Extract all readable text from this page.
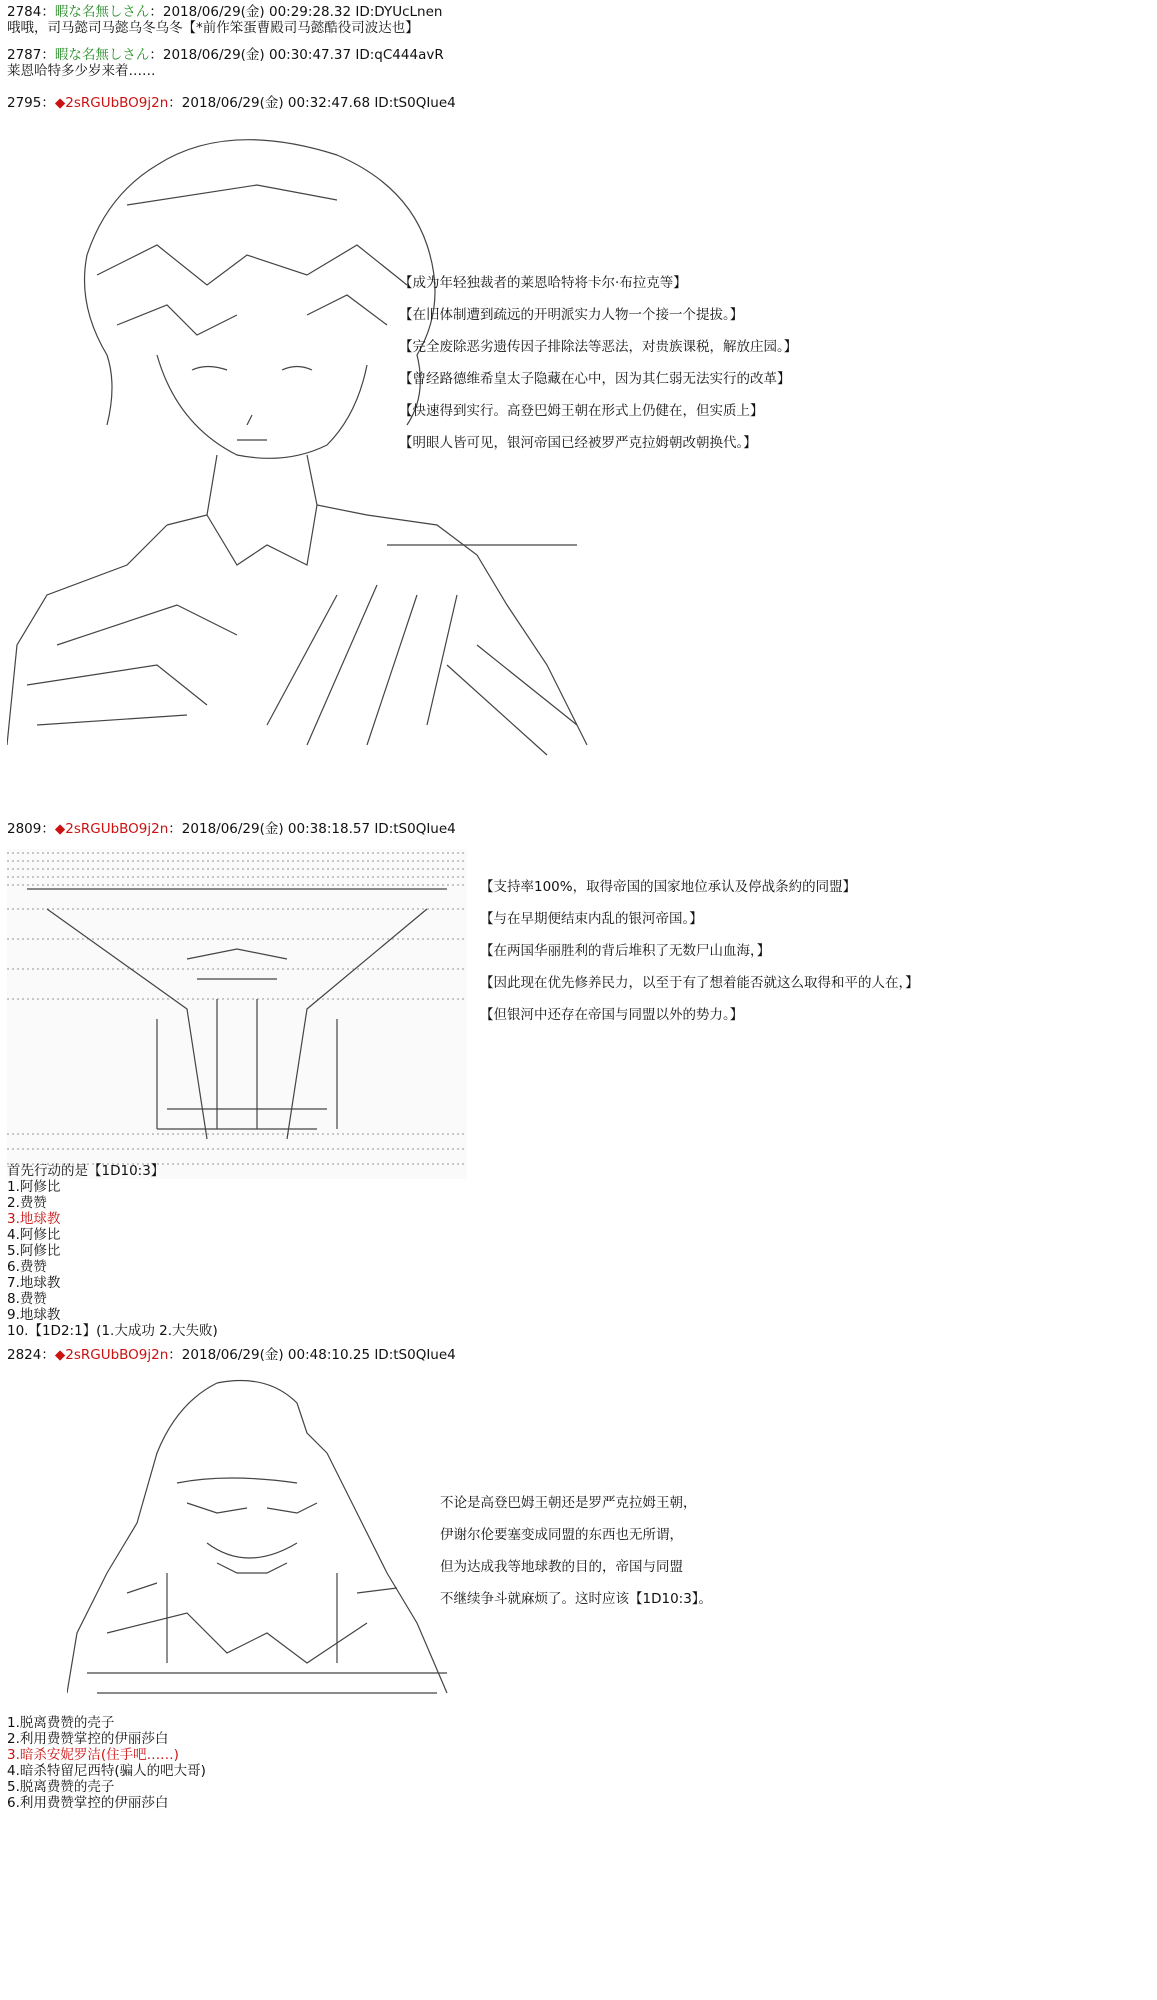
2784：暇な名無しさん：2018/06/29(金) 00:29:28.32 ID:DYUcLnen
哦哦，司马懿司马懿乌冬乌冬【*前作笨蛋曹殿司马懿酷役司波达也】
2787：暇な名無しさん：2018/06/29(金) 00:30:47.37 ID:qC444avR
莱恩哈特多少岁来着……
2795：◆2sRGUbBO9j2n：2018/06/29(金) 00:32:47.68 ID:tS0QIue4
【成为年轻独裁者的莱恩哈特将卡尔·布拉克等】
【在旧体制遭到疏远的开明派实力人物一个接一个提拔。】
【完全废除恶劣遗传因子排除法等恶法，对贵族课税，解放庄园。】
【曾经路德维希皇太子隐藏在心中，因为其仁弱无法实行的改革】
【快速得到实行。高登巴姆王朝在形式上仍健在，但实质上】
【明眼人皆可见，银河帝国已经被罗严克拉姆朝改朝换代。】
2809：◆2sRGUbBO9j2n：2018/06/29(金) 00:38:18.57 ID:tS0QIue4
【支持率100%，取得帝国的国家地位承认及停战条約的同盟】
【与在早期便结束内乱的银河帝国。】
【在两国华丽胜利的背后堆积了无数尸山血海，】
【因此现在优先修养民力，以至于有了想着能否就这么取得和平的人在，】
【但银河中还存在帝国与同盟以外的势力。】
首先行动的是【1D10:3】
1.阿修比
2.费赞
3.地球教
4.阿修比
5.阿修比
6.费赞
7.地球教
8.费赞
9.地球教
10.【1D2:1】(1.大成功 2.大失败)
2824：◆2sRGUbBO9j2n：2018/06/29(金) 00:48:10.25 ID:tS0QIue4
不论是高登巴姆王朝还是罗严克拉姆王朝，
伊谢尔伦要塞变成同盟的东西也无所谓，
但为达成我等地球教的目的，帝国与同盟
不继续争斗就麻烦了。这时应该【1D10:3】。
1.脱离费赞的壳子
2.利用费赞掌控的伊丽莎白
3.暗杀安妮罗洁(住手吧……)
4.暗杀特留尼西特(骗人的吧大哥)
5.脱离费赞的壳子
6.利用费赞掌控的伊丽莎白
